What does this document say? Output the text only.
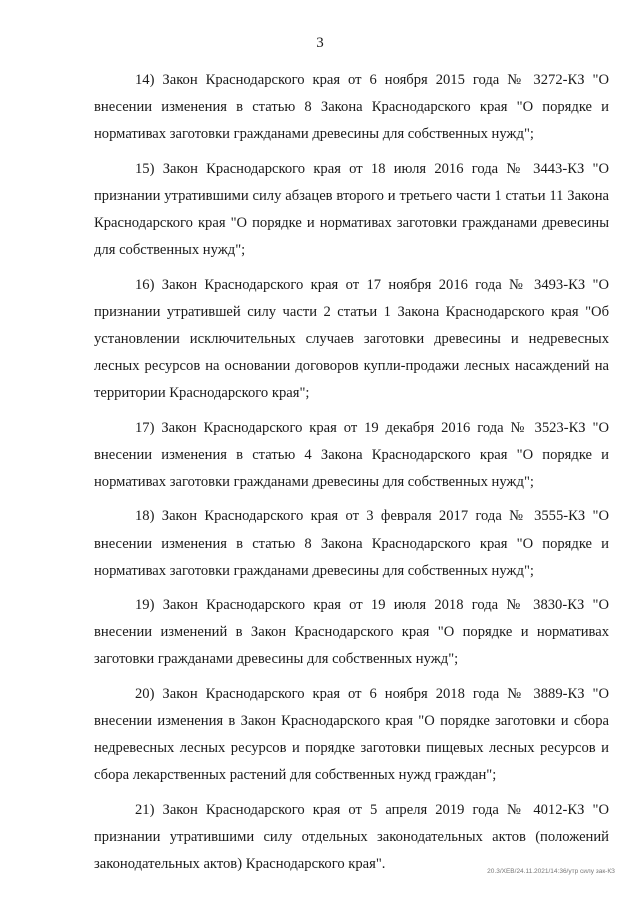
3

14) Закон Краснодарского края от 6 ноября 2015 года № 3272-КЗ "О внесении изменения в статью 8 Закона Краснодарского края "О порядке и нормативах заготовки гражданами древесины для собственных нужд";

15) Закон Краснодарского края от 18 июля 2016 года № 3443-КЗ "О признании утратившими силу абзацев второго и третьего части 1 статьи 11 Закона Краснодарского края "О порядке и нормативах заготовки гражданами древесины для собственных нужд";

16) Закон Краснодарского края от 17 ноября 2016 года № 3493-КЗ "О признании утратившей силу части 2 статьи 1 Закона Краснодарского края "Об установлении исключительных случаев заготовки древесины и недревесных лесных ресурсов на основании договоров купли-продажи лесных насаждений на территории Краснодарского края";

17) Закон Краснодарского края от 19 декабря 2016 года № 3523-КЗ "О внесении изменения в статью 4 Закона Краснодарского края "О порядке и нормативах заготовки гражданами древесины для собственных нужд";

18) Закон Краснодарского края от 3 февраля 2017 года № 3555-КЗ "О внесении изменения в статью 8 Закона Краснодарского края "О порядке и нормативах заготовки гражданами древесины для собственных нужд";

19) Закон Краснодарского края от 19 июля 2018 года № 3830-КЗ "О внесении изменений в Закон Краснодарского края "О порядке и нормативах заготовки гражданами древесины для собственных нужд";

20) Закон Краснодарского края от 6 ноября 2018 года № 3889-КЗ "О внесении изменения в Закон Краснодарского края "О порядке заготовки и сбора недревесных лесных ресурсов и порядке заготовки пищевых лесных ресурсов и сбора лекарственных растений для собственных нужд граждан";

21) Закон Краснодарского края от 5 апреля 2019 года № 4012-КЗ "О признании утратившими силу отдельных законодательных актов (положений законодательных актов) Краснодарского края".	20.3/ХЕВ/24.11.2021/14:36/утр силу зак-КЗ
